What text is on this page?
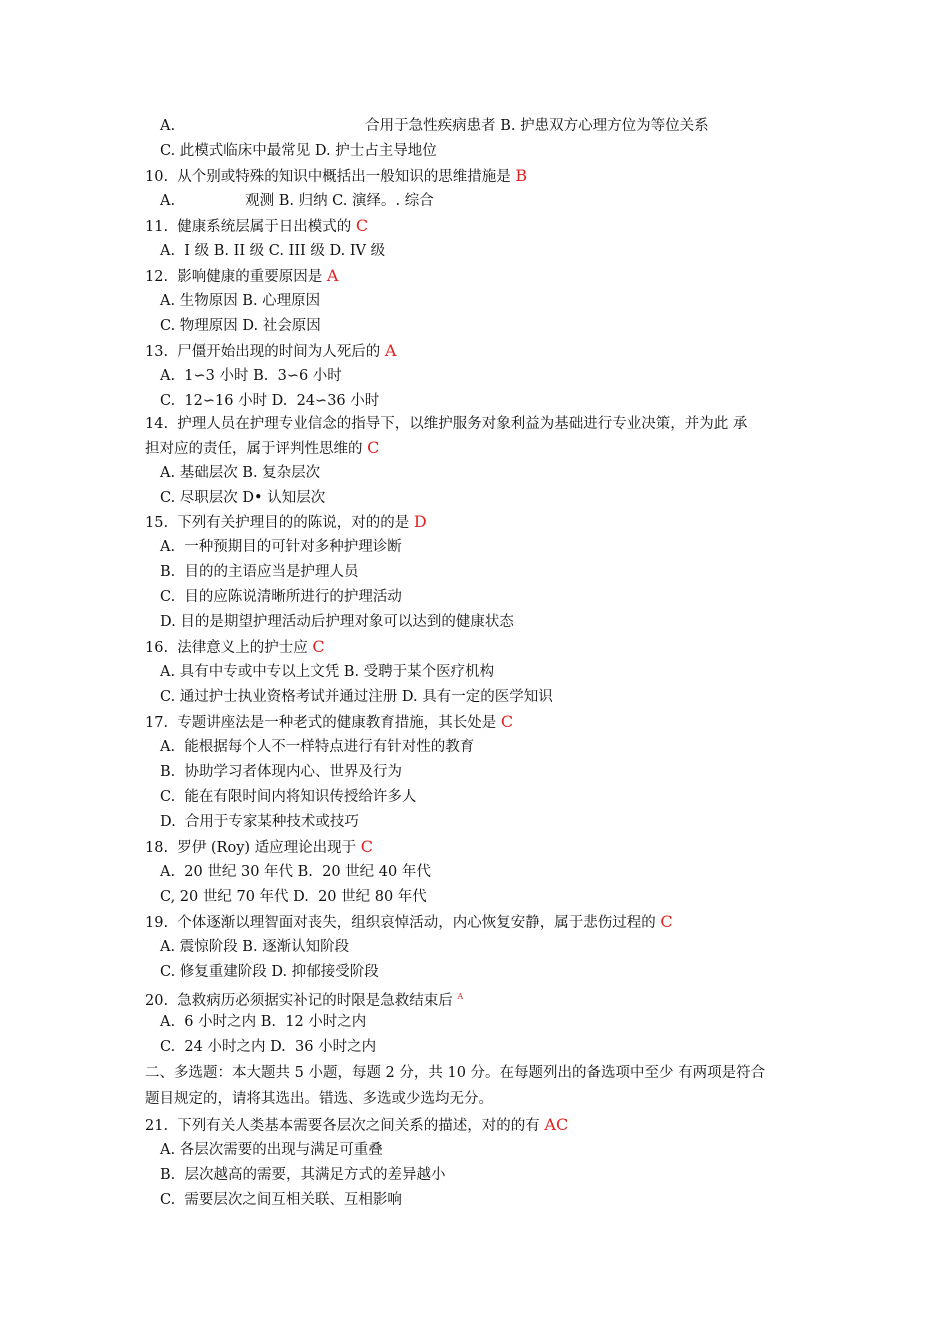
A.	合用于急性疾病患者 B. 护患双方心理方位为等位关系
C. 此模式临床中最常见 D. 护士占主导地位
10.  从个别或特殊的知识中概括出一般知识的思维措施是 B
A.	观测 B. 归纳 C. 演绎。. 综合
11.  健康系统层属于日出模式的 C
A.  I 级 B. II 级 C. III 级 D. IV 级
12.  影响健康的重要原因是 A
A. 生物原因 B. 心理原因
C. 物理原因 D. 社会原因
13.  尸僵开始出现的时间为人死后的 A
A.  1∽3 小时 B.  3∽6 小时
C.  12∽16 小时 D.  24∽36 小时
14.  护理人员在护理专业信念的指导下，以维护服务对象利益为基础进行专业决策，并为此 承
担对应的责任，属于评判性思维的 C
A. 基础层次 B. 复杂层次
C. 尽职层次 D• 认知层次
15.  下列有关护理目的的陈说，对的的是 D
A.  一种预期目的可针对多种护理诊断
B.  目的的主语应当是护理人员
C.  目的应陈说清晰所进行的护理活动
D. 目的是期望护理活动后护理对象可以达到的健康状态
16.  法律意义上的护士应 C
A. 具有中专或中专以上文凭 B. 受聘于某个医疗机构
C. 通过护士执业资格考试并通过注册 D. 具有一定的医学知识
17.  专题讲座法是一种老式的健康教育措施，其长处是 C
A.  能根据每个人不一样特点进行有针对性的教育
B.  协助学习者体现内心、世界及行为
C.  能在有限时间内将知识传授给许多人
D.  合用于专家某种技术或技巧
18.  罗伊 (Roy) 适应理论出现于 C
A.  20 世纪 30 年代 B.  20 世纪 40 年代
C, 20 世纪 70 年代 D.  20 世纪 80 年代
19.  个体逐渐以理智面对丧失，组织哀悼活动，内心恢复安静，属于悲伤过程的 C
A. 震惊阶段 B. 逐渐认知阶段
C. 修复重建阶段 D. 抑郁接受阶段
20.  急救病历必须据实补记的时限是急救结束后 $^A$
A.  6 小时之内 B.  12 小时之内
C.  24 小时之内 D.  36 小时之内
二、多选题：本大题共 5 小题，每题 2 分，共 10 分。在每题列出的备选项中至少 有两项是符合
题目规定的，请将其选出。错选、多选或少选均无分。
21.  下列有关人类基本需要各层次之间关系的描述，对的的有 AC
A. 各层次需要的出现与满足可重叠
B.  层次越高的需要，其满足方式的差异越小
C.  需要层次之间互相关联、互相影响
